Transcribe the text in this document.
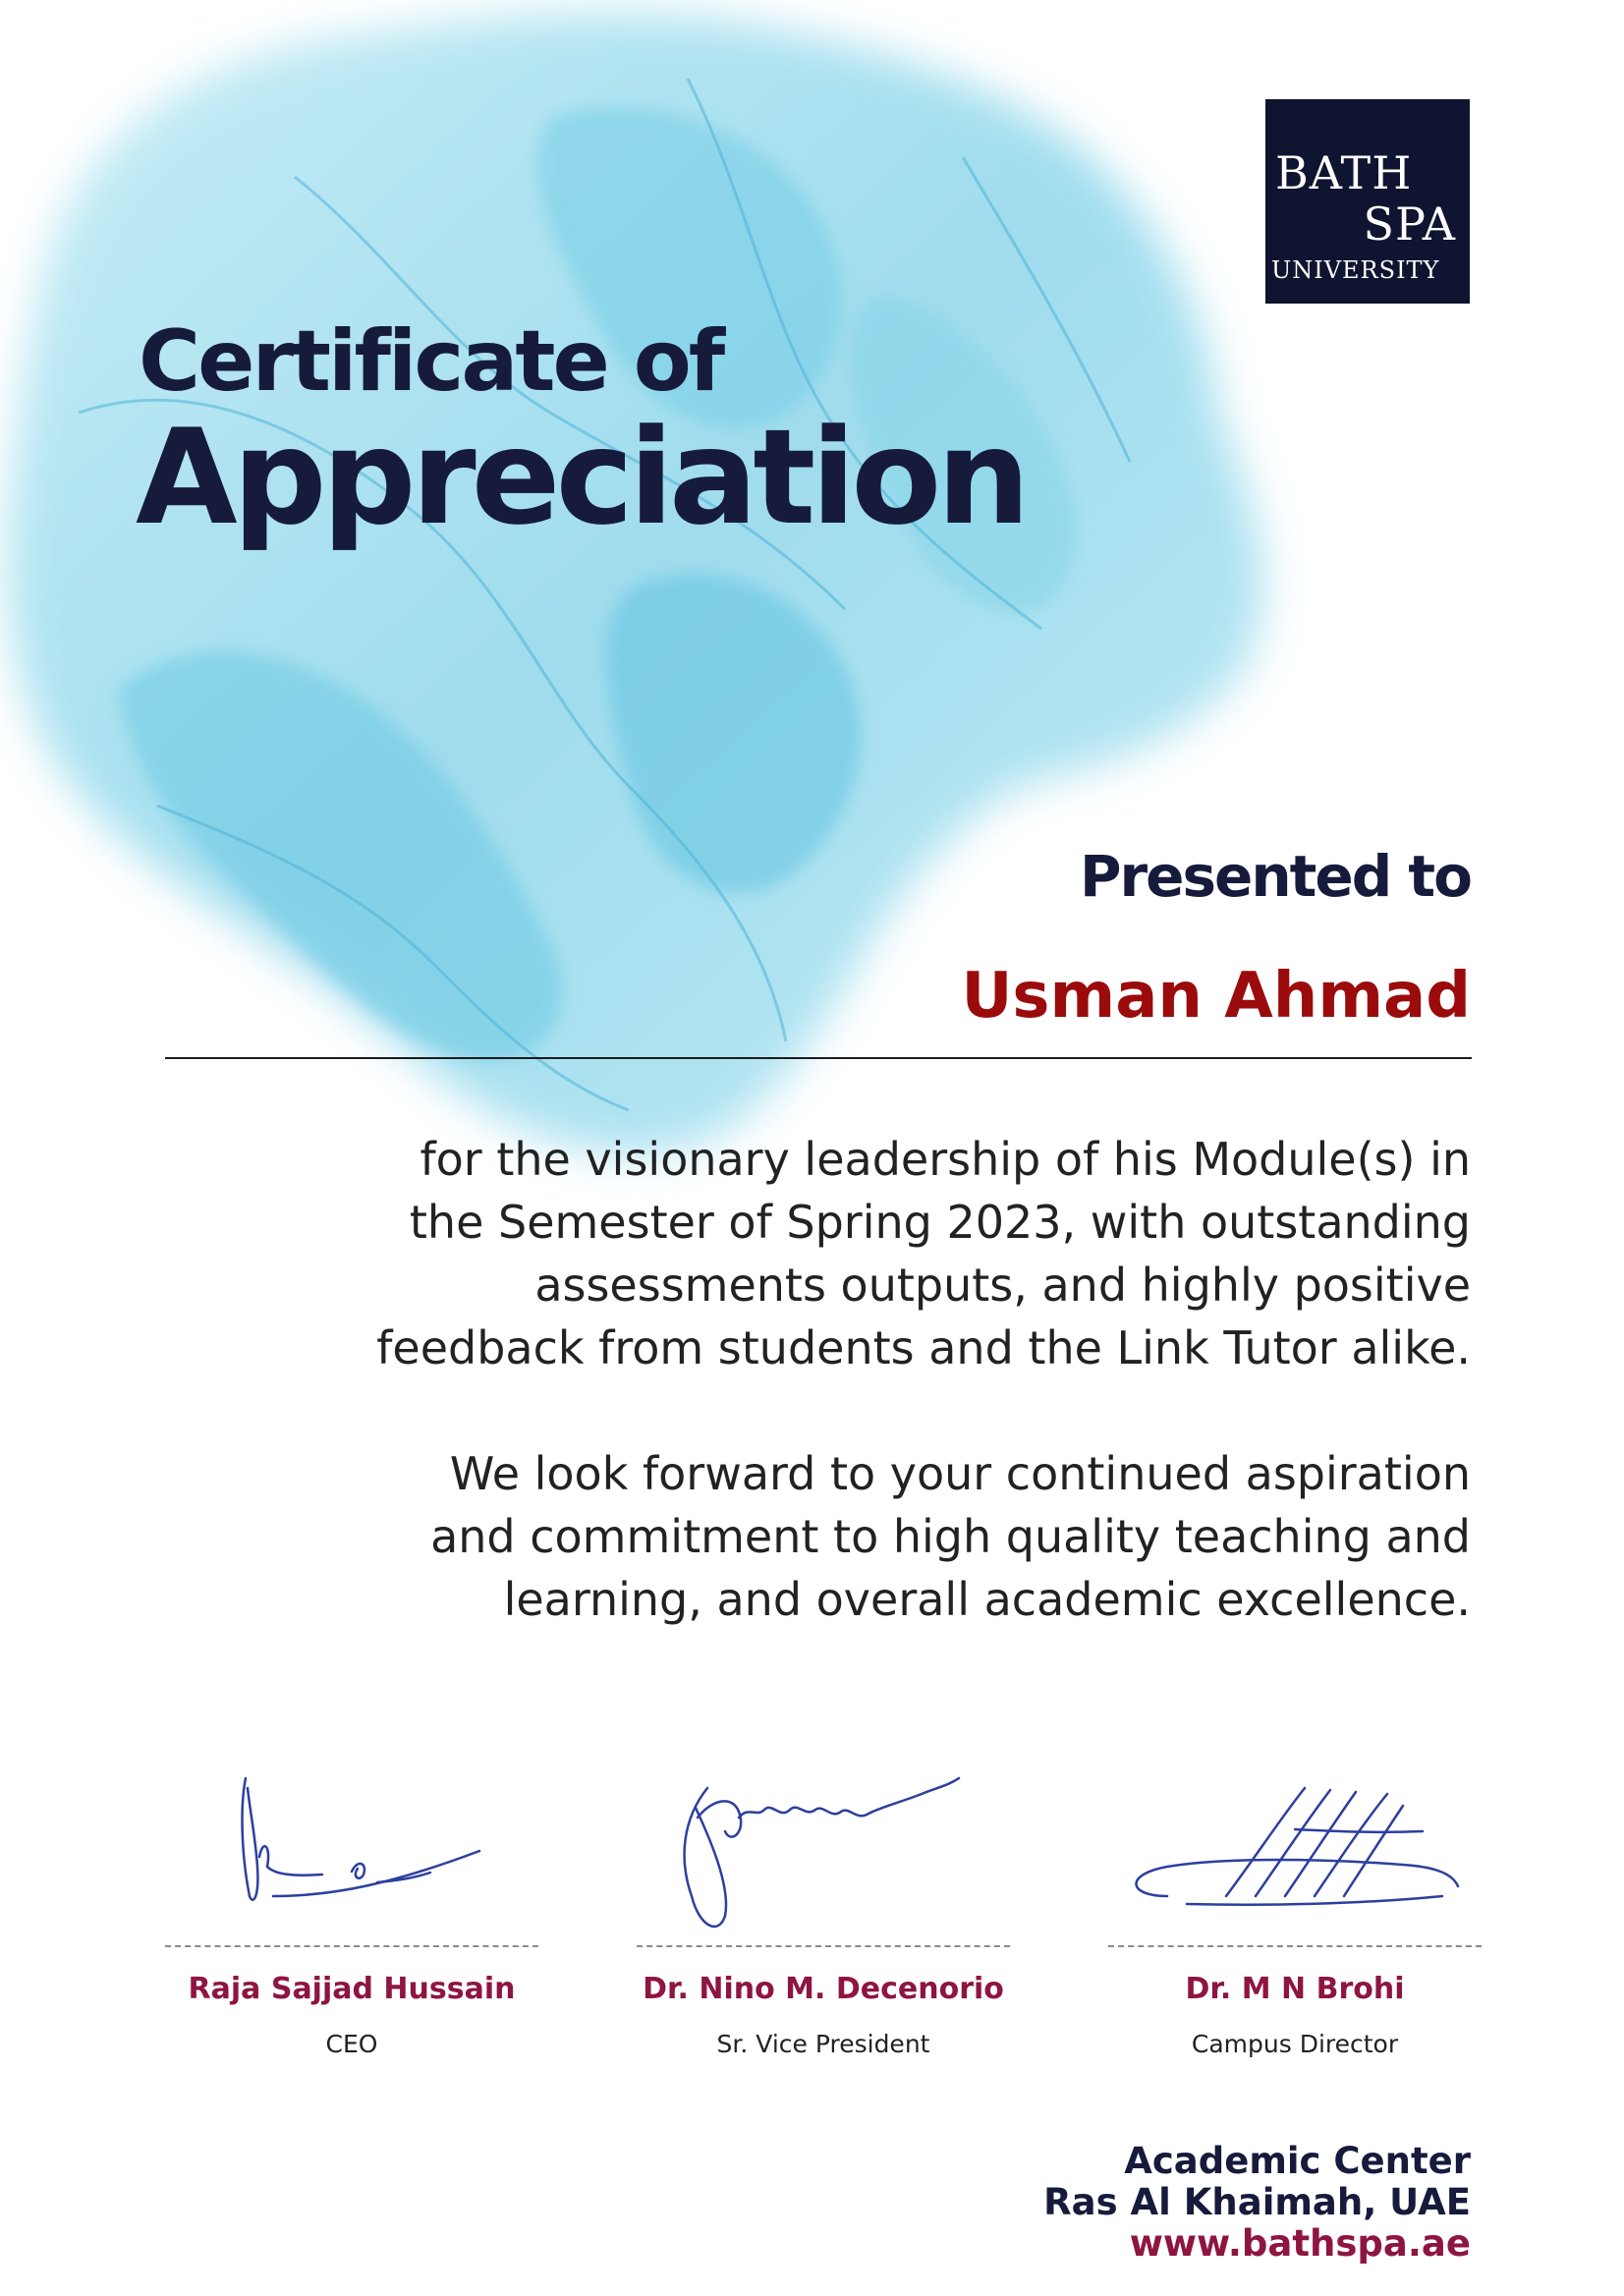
BATH
SPA
UNIVERSITY
Certificate of
Appreciation
Presented to
Usman Ahmad
for the visionary leadership of his Module(s) in
the Semester of Spring 2023, with outstanding
assessments outputs, and highly positive
feedback from students and the Link Tutor alike.
We look forward to your continued aspiration
and commitment to high quality teaching and
learning, and overall academic excellence.
Raja Sajjad Hussain
CEO
Dr. Nino M. Decenorio
Sr. Vice President
Dr. M N Brohi
Campus Director
Academic Center
Ras Al Khaimah, UAE
www.bathspa.ae
